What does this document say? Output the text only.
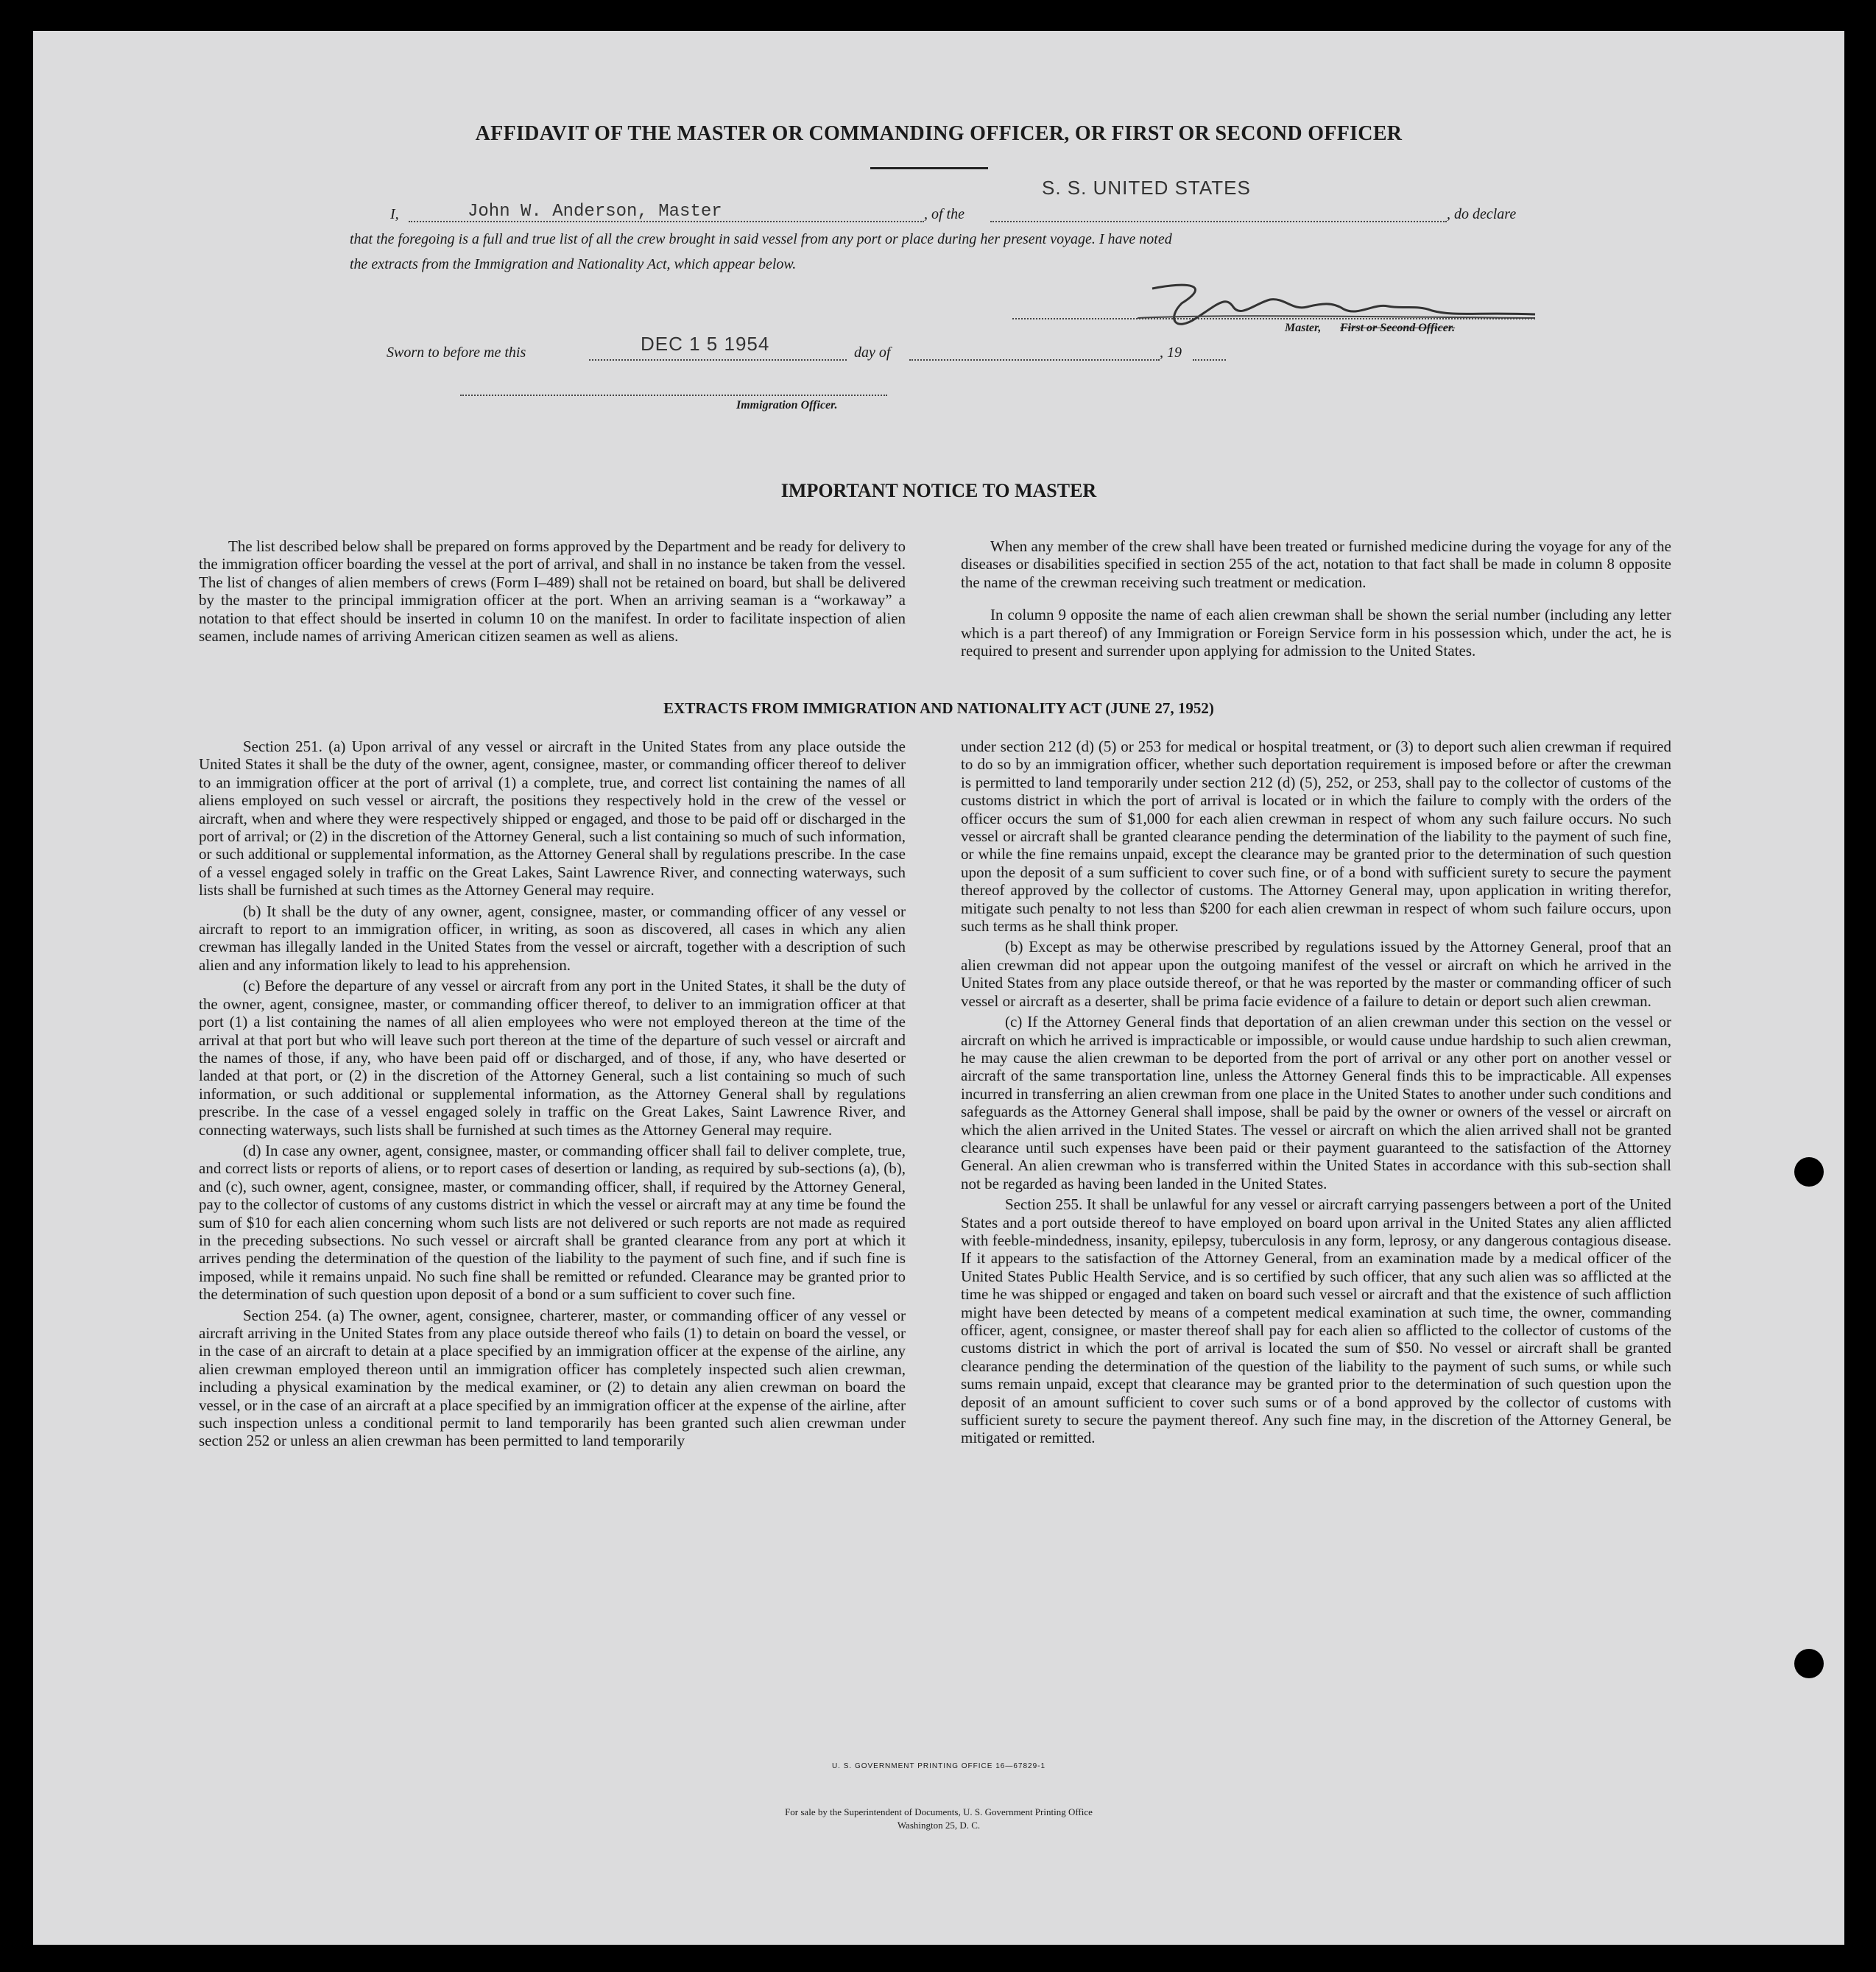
AFFIDAVIT OF THE MASTER OR COMMANDING OFFICER, OR FIRST OR SECOND OFFICER
S. S. UNITED STATES
I,	John W. Anderson, Master	, of the	, do declare
that the foregoing is a full and true list of all the crew brought in said vessel from any port or place during her present voyage. I have noted
the extracts from the Immigration and Nationality Act, which appear below.
Master, First or Second Officer.
Sworn to before me this	DEC 1 5 1954	day of	, 19
Immigration Officer.
IMPORTANT NOTICE TO MASTER

The list described below shall be prepared on forms approved by the Department and be ready for delivery to the immigration officer boarding the vessel at the port of arrival, and shall in no instance be taken from the vessel. The list of changes of alien members of crews (Form I–489) shall not be retained on board, but shall be delivered by the master to the principal immigration officer at the port. When an arriving seaman is a “workaway” a notation to that effect should be inserted in column 10 on the manifest. In order to facilitate inspection of alien seamen, include names of arriving American citizen seamen as well as aliens.

When any member of the crew shall have been treated or furnished medicine during the voyage for any of the diseases or disabilities specified in section 255 of the act, notation to that fact shall be made in column 8 opposite the name of the crewman receiving such treatment or medication.

In column 9 opposite the name of each alien crewman shall be shown the serial number (including any letter which is a part thereof) of any Immigration or Foreign Service form in his possession which, under the act, he is required to present and surrender upon applying for admission to the United States.

EXTRACTS FROM IMMIGRATION AND NATIONALITY ACT (JUNE 27, 1952)

Section 251. (a) Upon arrival of any vessel or aircraft in the United States from any place outside the United States it shall be the duty of the owner, agent, consignee, master, or commanding officer thereof to deliver to an immigration officer at the port of arrival (1) a complete, true, and correct list containing the names of all aliens employed on such vessel or aircraft, the positions they respectively hold in the crew of the vessel or aircraft, when and where they were respectively shipped or engaged, and those to be paid off or discharged in the port of arrival; or (2) in the discretion of the Attorney General, such a list containing so much of such information, or such additional or supplemental information, as the Attorney General shall by regulations prescribe. In the case of a vessel engaged solely in traffic on the Great Lakes, Saint Lawrence River, and connecting waterways, such lists shall be furnished at such times as the Attorney General may require.

(b) It shall be the duty of any owner, agent, consignee, master, or commanding officer of any vessel or aircraft to report to an immigration officer, in writing, as soon as discovered, all cases in which any alien crewman has illegally landed in the United States from the vessel or aircraft, together with a description of such alien and any information likely to lead to his apprehension.

(c) Before the departure of any vessel or aircraft from any port in the United States, it shall be the duty of the owner, agent, consignee, master, or commanding officer thereof, to deliver to an immigration officer at that port (1) a list containing the names of all alien employees who were not employed thereon at the time of the arrival at that port but who will leave such port thereon at the time of the departure of such vessel or aircraft and the names of those, if any, who have been paid off or discharged, and of those, if any, who have deserted or landed at that port, or (2) in the discretion of the Attorney General, such a list containing so much of such information, or such additional or supplemental information, as the Attorney General shall by regulations prescribe. In the case of a vessel engaged solely in traffic on the Great Lakes, Saint Lawrence River, and connecting waterways, such lists shall be furnished at such times as the Attorney General may require.

(d) In case any owner, agent, consignee, master, or commanding officer shall fail to deliver complete, true, and correct lists or reports of aliens, or to report cases of desertion or landing, as required by sub-sections (a), (b), and (c), such owner, agent, consignee, master, or commanding officer, shall, if required by the Attorney General, pay to the collector of customs of any customs district in which the vessel or aircraft may at any time be found the sum of $10 for each alien concerning whom such lists are not delivered or such reports are not made as required in the preceding subsections. No such vessel or aircraft shall be granted clearance from any port at which it arrives pending the determination of the question of the liability to the payment of such fine, and if such fine is imposed, while it remains unpaid. No such fine shall be remitted or refunded. Clearance may be granted prior to the determination of such question upon deposit of a bond or a sum sufficient to cover such fine.

Section 254. (a) The owner, agent, consignee, charterer, master, or commanding officer of any vessel or aircraft arriving in the United States from any place outside thereof who fails (1) to detain on board the vessel, or in the case of an aircraft to detain at a place specified by an immigration officer at the expense of the airline, any alien crewman employed thereon until an immigration officer has completely inspected such alien crewman, including a physical examination by the medical examiner, or (2) to detain any alien crewman on board the vessel, or in the case of an aircraft at a place specified by an immigration officer at the expense of the airline, after such inspection unless a conditional permit to land temporarily has been granted such alien crewman under section 252 or unless an alien crewman has been permitted to land temporarily

under section 212 (d) (5) or 253 for medical or hospital treatment, or (3) to deport such alien crewman if required to do so by an immigration officer, whether such deportation requirement is imposed before or after the crewman is permitted to land temporarily under section 212 (d) (5), 252, or 253, shall pay to the collector of customs of the customs district in which the port of arrival is located or in which the failure to comply with the orders of the officer occurs the sum of $1,000 for each alien crewman in respect of whom any such failure occurs. No such vessel or aircraft shall be granted clearance pending the determination of the liability to the payment of such fine, or while the fine remains unpaid, except the clearance may be granted prior to the determination of such question upon the deposit of a sum sufficient to cover such fine, or of a bond with sufficient surety to secure the payment thereof approved by the collector of customs. The Attorney General may, upon application in writing therefor, mitigate such penalty to not less than $200 for each alien crewman in respect of whom such failure occurs, upon such terms as he shall think proper.

(b) Except as may be otherwise prescribed by regulations issued by the Attorney General, proof that an alien crewman did not appear upon the outgoing manifest of the vessel or aircraft on which he arrived in the United States from any place outside thereof, or that he was reported by the master or commanding officer of such vessel or aircraft as a deserter, shall be prima facie evidence of a failure to detain or deport such alien crewman.

(c) If the Attorney General finds that deportation of an alien crewman under this section on the vessel or aircraft on which he arrived is impracticable or impossible, or would cause undue hardship to such alien crewman, he may cause the alien crewman to be deported from the port of arrival or any other port on another vessel or aircraft of the same transportation line, unless the Attorney General finds this to be impracticable. All expenses incurred in transferring an alien crewman from one place in the United States to another under such conditions and safeguards as the Attorney General shall impose, shall be paid by the owner or owners of the vessel or aircraft on which the alien arrived in the United States. The vessel or aircraft on which the alien arrived shall not be granted clearance until such expenses have been paid or their payment guaranteed to the satisfaction of the Attorney General. An alien crewman who is transferred within the United States in accordance with this sub-section shall not be regarded as having been landed in the United States.

Section 255. It shall be unlawful for any vessel or aircraft carrying passengers between a port of the United States and a port outside thereof to have employed on board upon arrival in the United States any alien afflicted with feeble-mindedness, insanity, epilepsy, tuberculosis in any form, leprosy, or any dangerous contagious disease. If it appears to the satisfaction of the Attorney General, from an examination made by a medical officer of the United States Public Health Service, and is so certified by such officer, that any such alien was so afflicted at the time he was shipped or engaged and taken on board such vessel or aircraft and that the existence of such affliction might have been detected by means of a competent medical examination at such time, the owner, commanding officer, agent, consignee, or master thereof shall pay for each alien so afflicted to the collector of customs of the customs district in which the port of arrival is located the sum of $50. No vessel or aircraft shall be granted clearance pending the determination of the question of the liability to the payment of such sums, or while such sums remain unpaid, except that clearance may be granted prior to the determination of such question upon the deposit of an amount sufficient to cover such sums or of a bond approved by the collector of customs with sufficient surety to secure the payment thereof. Any such fine may, in the discretion of the Attorney General, be mitigated or remitted.

U. S. GOVERNMENT PRINTING OFFICE 16—67829-1
For sale by the Superintendent of Documents, U. S. Government Printing Office
Washington 25, D. C.
